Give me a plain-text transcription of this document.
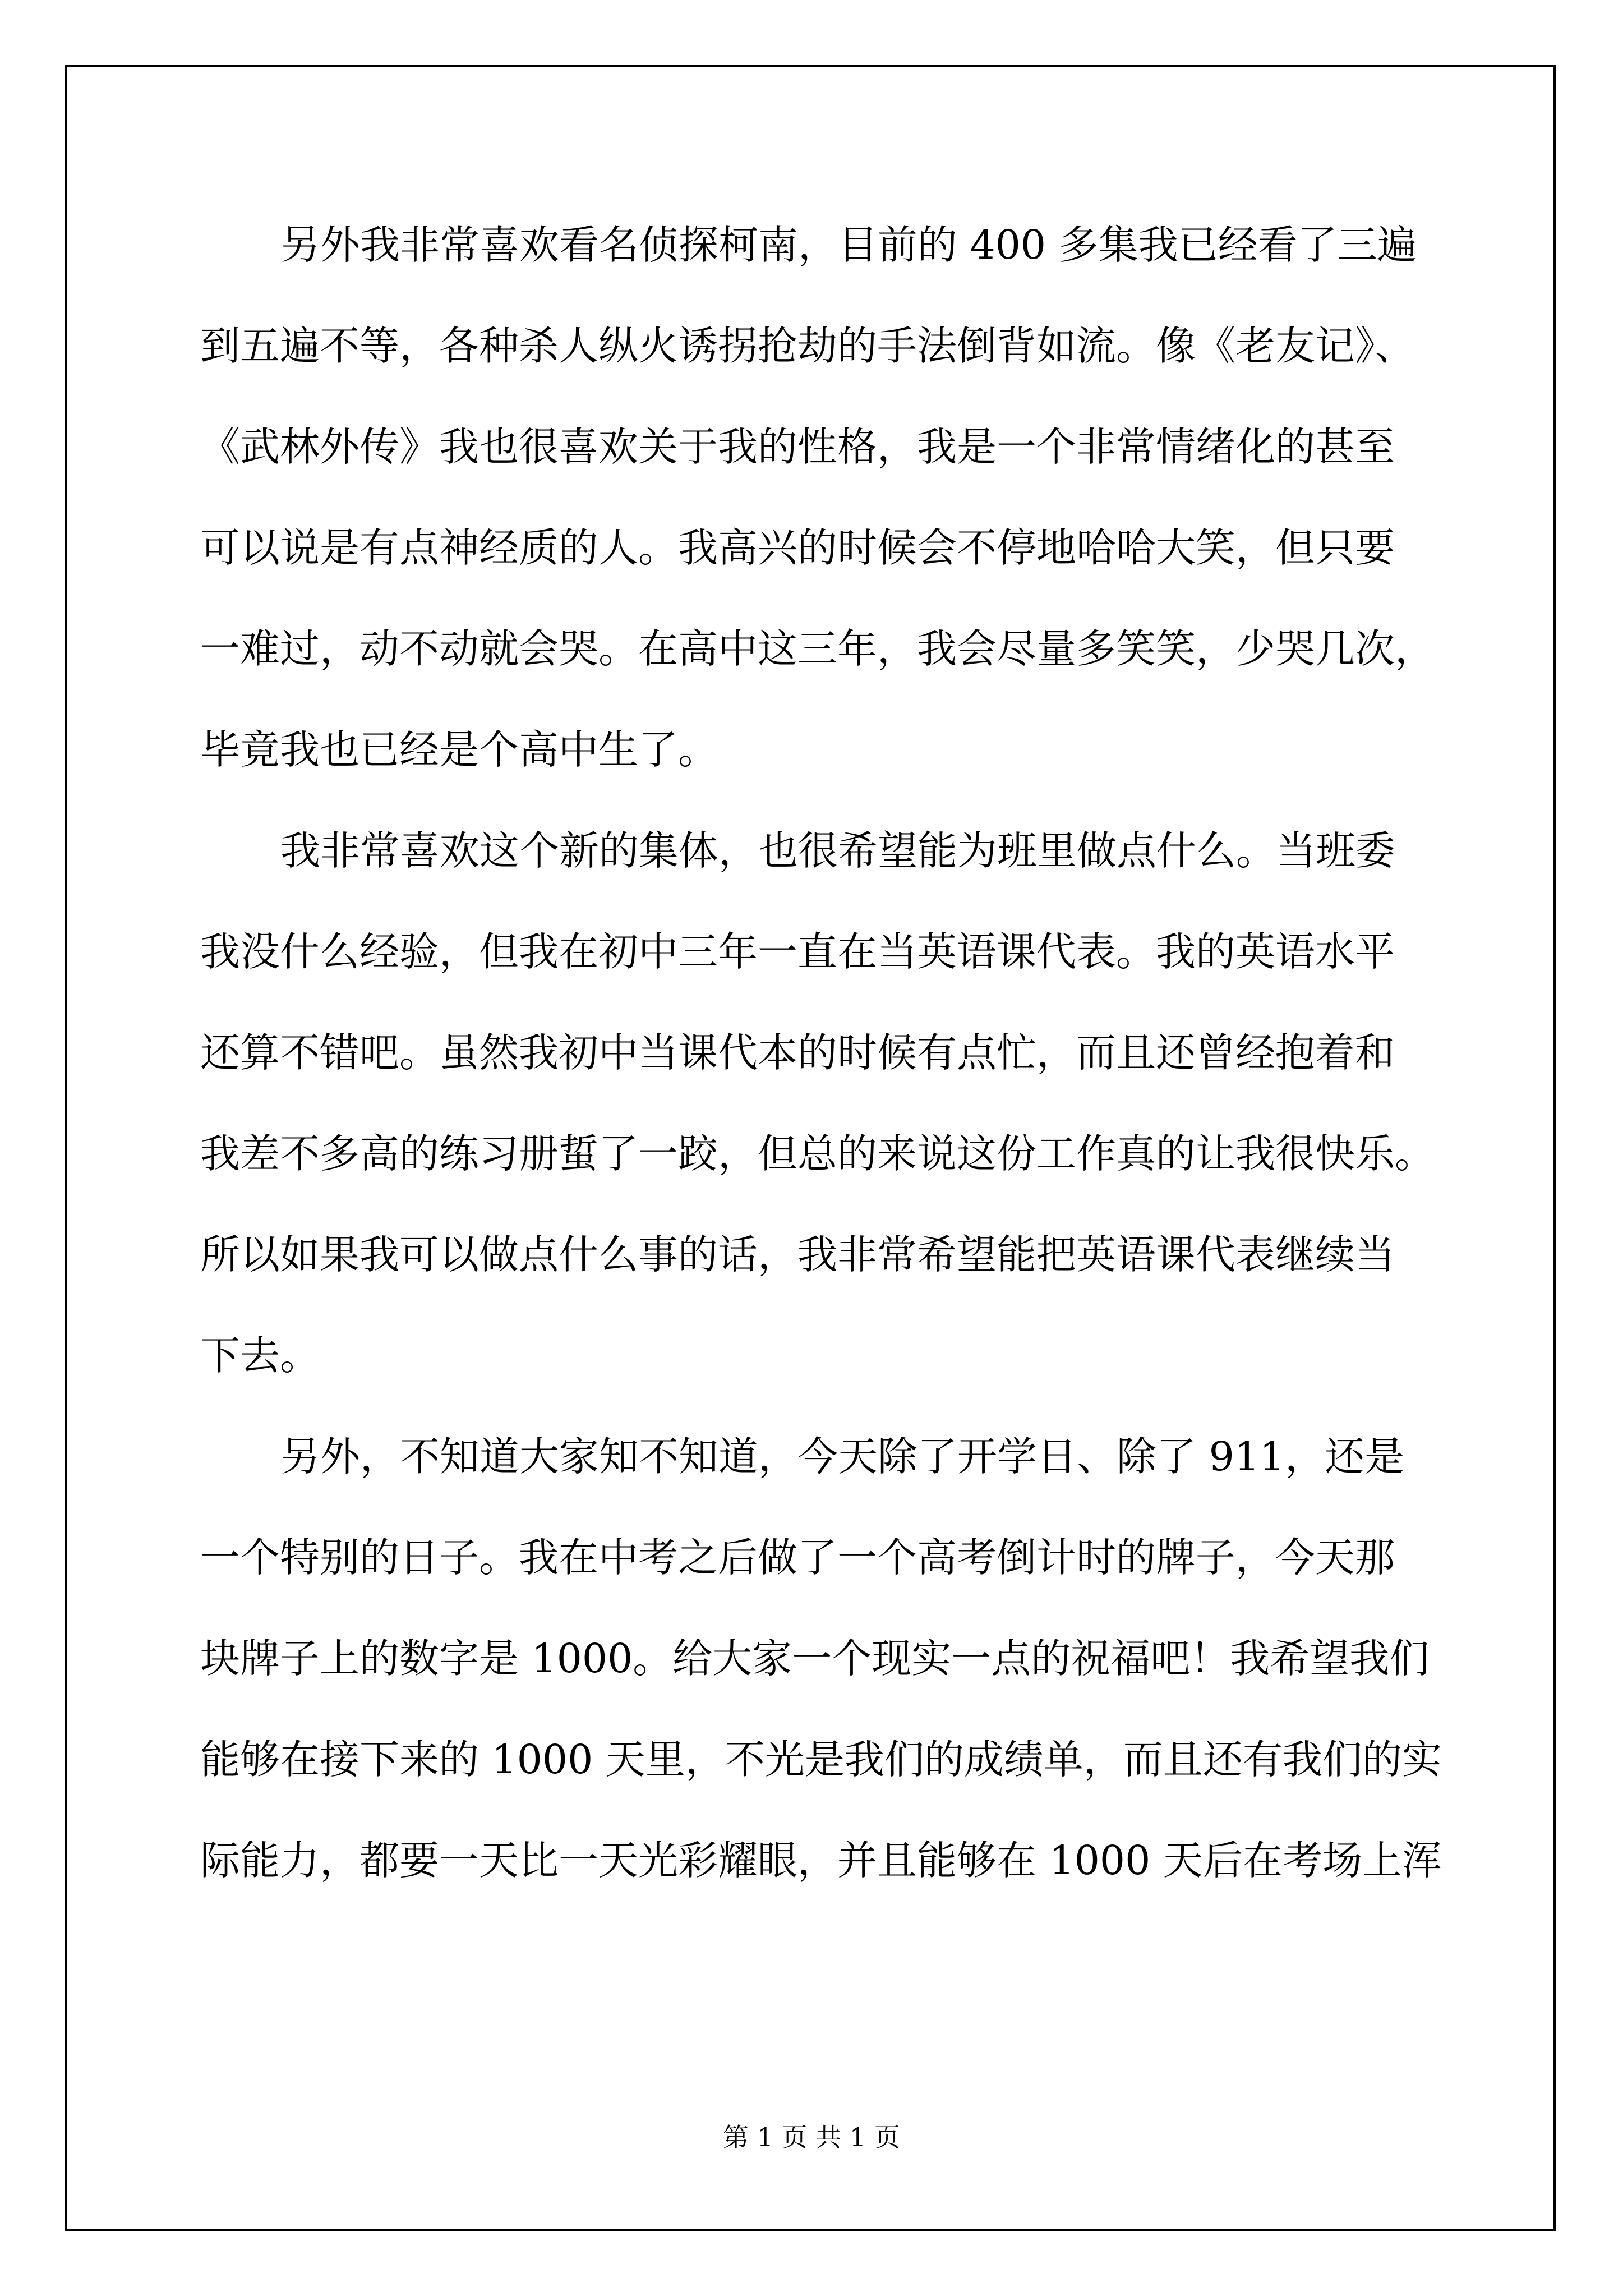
另外我非常喜欢看名侦探柯南，目前的 400 多集我已经看了三遍
到五遍不等，各种杀人纵火诱拐抢劫的手法倒背如流。像《老友记》、
《武林外传》我也很喜欢关于我的性格，我是一个非常情绪化的甚至
可以说是有点神经质的人。我高兴的时候会不停地哈哈大笑，但只要
一难过，动不动就会哭。在高中这三年，我会尽量多笑笑，少哭几次，
毕竟我也已经是个高中生了。
我非常喜欢这个新的集体，也很希望能为班里做点什么。当班委
我没什么经验，但我在初中三年一直在当英语课代表。我的英语水平
还算不错吧。虽然我初中当课代本的时候有点忙，而且还曾经抱着和
我差不多高的练习册蜇了一跤，但总的来说这份工作真的让我很快乐。
所以如果我可以做点什么事的话，我非常希望能把英语课代表继续当
下去。
另外，不知道大家知不知道，今天除了开学日、除了 911，还是
一个特别的日子。我在中考之后做了一个高考倒计时的牌子，今天那
块牌子上的数字是 1000。给大家一个现实一点的祝福吧！我希望我们
能够在接下来的 1000 天里，不光是我们的成绩单，而且还有我们的实
际能力，都要一天比一天光彩耀眼，并且能够在 1000 天后在考场上浑
第 1 页 共 1 页
